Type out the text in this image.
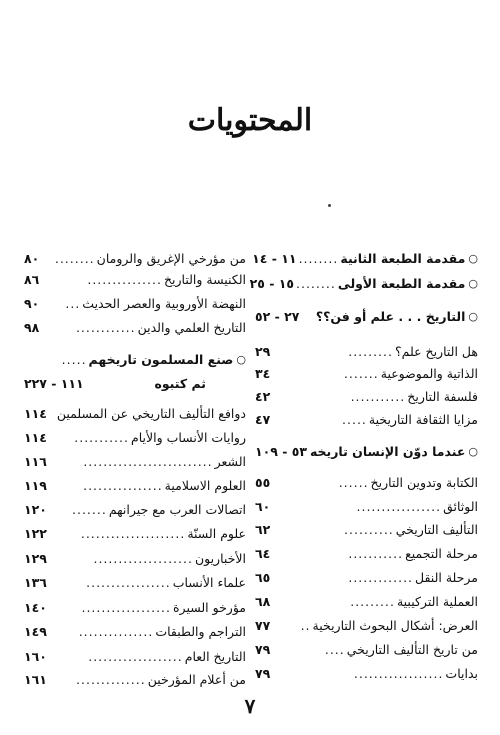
المحتويات
○
مقدمة الطبعة الثانية
........
١١ - ١٤
○
مقدمة الطبعة الأولى
........
١٥ - ٢٥
○
التاريخ . . . علم أو فن؟؟
٢٧ - ٥٢
هل التاريخ علم؟
.........
٢٩
الذاتية والموضوعية
.......
٣٤
فلسفة التاريخ
...........
٤٢
مزايا الثقافة التاريخية
.....
٤٧
○
عندما دوّن الإنسان تاريخه
٥٣ - ١٠٩
الكتابة وتدوين التاريخ
......
٥٥
الوثائق
.................
٦٠
التأليف التاريخي
..........
٦٢
مرحلة التجميع
...........
٦٤
مرحلة النقل
.............
٦٥
العملية التركيبية
.........
٦٨
العرض: أشكال البحوث التاريخية
..
٧٧
من تاريخ التأليف التاريخي
....
٧٩
بدايات
..................
٧٩
من مؤرخي الإغريق والرومان
........
٨٠
الكنيسة والتاريخ
...............
٨٦
النهضة الأوروبية والعصر الحديث
...
٩٠
التاريخ العلمي والدين
............
٩٨
○
صنع المسلمون تاريخهم
.....
ثم كتبوه
١١١ - ٢٢٧
دوافع التأليف التاريخي عن المسلمين
١١٤
روايات الأنساب والأيام
...........
١١٤
الشعر
..........................
١١٦
العلوم الاسلامية
................
١١٩
اتصالات العرب مع جيرانهم
.......
١٢٠
علوم السنّة
.....................
١٢٢
الأخباريون
....................
١٢٩
علماء الأنساب
.................
١٣٦
مؤرخو السيرة
..................
١٤٠
التراجم والطبقات
...............
١٤٩
التاريخ العام
...................
١٦٠
من أعلام المؤرخين
..............
١٦١
٧
